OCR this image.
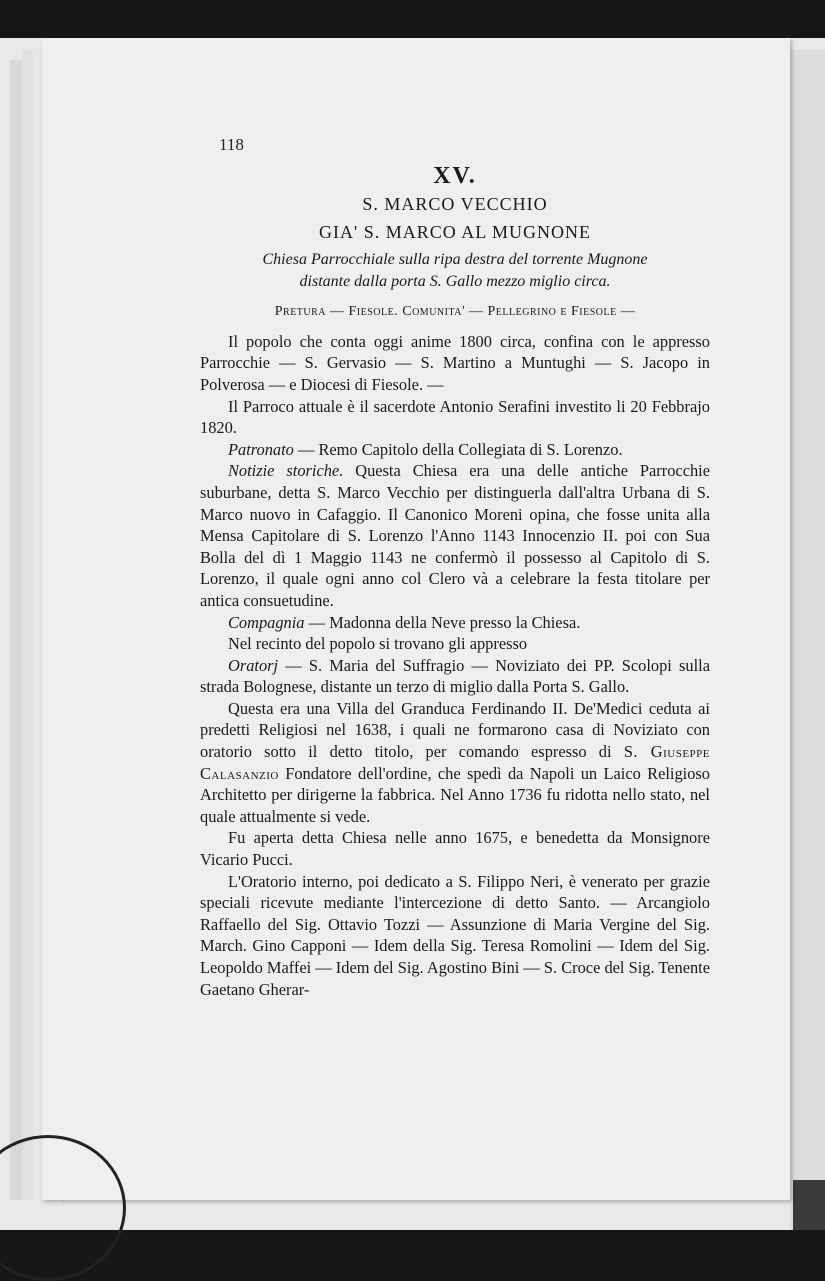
118
XV.
S. MARCO VECCHIO
GIA' S. MARCO AL MUGNONE
Chiesa Parrocchiale sulla ripa destra del torrente Mugnone
distante dalla porta S. Gallo mezzo miglio circa.
Pretura — Fiesole. Comunita' — Pellegrino e Fiesole —

Il popolo che conta oggi anime 1800 circa, confina con le appresso Parrocchie — S. Gervasio — S. Martino a Muntughi — S. Jacopo in Polverosa — e Diocesi di Fiesole. —

Il Parroco attuale è il sacerdote Antonio Serafini investito li 20 Febbrajo 1820.

Patronato — Remo Capitolo della Collegiata di S. Lorenzo.

Notizie storiche. Questa Chiesa era una delle antiche Parrocchie suburbane, detta S. Marco Vecchio per distinguerla dall'altra Urbana di S. Marco nuovo in Cafaggio. Il Canonico Moreni opina, che fosse unita alla Mensa Capitolare di S. Lorenzo l'Anno 1143 Innocenzio II. poi con Sua Bolla del dì 1 Maggio 1143 ne confermò il possesso al Capitolo di S. Lorenzo, il quale ogni anno col Clero và a celebrare la festa titolare per antica consuetudine.

Compagnia — Madonna della Neve presso la Chiesa.

Nel recinto del popolo si trovano gli appresso

Oratorj — S. Maria del Suffragio — Noviziato dei PP. Scolopi sulla strada Bolognese, distante un terzo di miglio dalla Porta S. Gallo.

Questa era una Villa del Granduca Ferdinando II. De'Medici ceduta ai predetti Religiosi nel 1638, i quali ne formarono casa di Noviziato con oratorio sotto il detto titolo, per comando espresso di S. Giuseppe Calasanzio Fondatore dell'ordine, che spedì da Napoli un Laico Religioso Architetto per dirigerne la fabbrica. Nel Anno 1736 fu ridotta nello stato, nel quale attualmente si vede.

Fu aperta detta Chiesa nelle anno 1675, e benedetta da Monsignore Vicario Pucci.

L'Oratorio interno, poi dedicato a S. Filippo Neri, è venerato per grazie speciali ricevute mediante l'intercezione di detto Santo. — Arcangiolo Raffaello del Sig. Ottavio Tozzi — Assunzione di Maria Vergine del Sig. March. Gino Capponi — Idem della Sig. Teresa Romolini — Idem del Sig. Leopoldo Maffei — Idem del Sig. Agostino Bini — S. Croce del Sig. Tenente Gaetano Gherar-
